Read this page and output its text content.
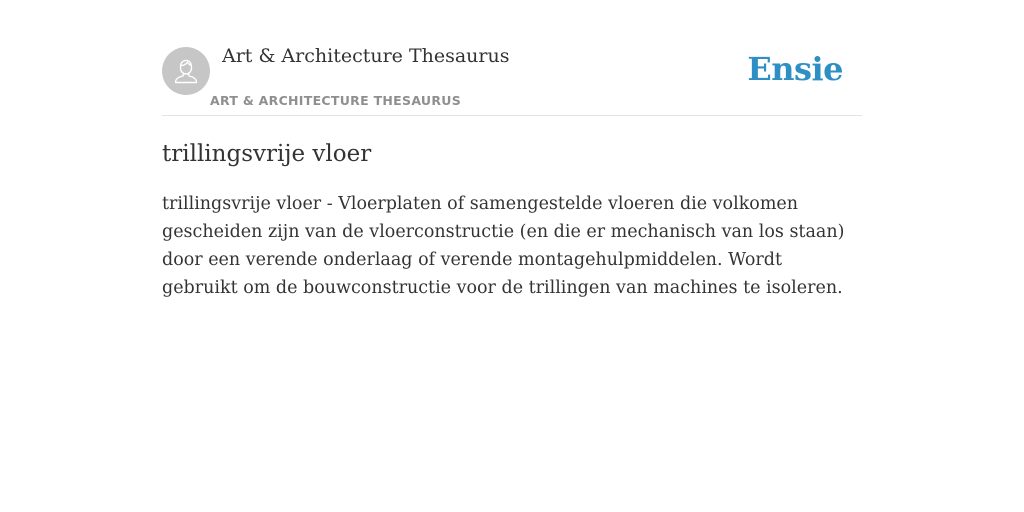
Art & Architecture Thesaurus
ART & ARCHITECTURE THESAURUS
Ensie
trillingsvrije vloer

trillingsvrije vloer - Vloerplaten of samengestelde vloeren die volkomen gescheiden zijn van de vloerconstructie (en die er mechanisch van los staan) door een verende onderlaag of verende montagehulpmiddelen. Wordt gebruikt om de bouwconstructie voor de trillingen van machines te isoleren.
